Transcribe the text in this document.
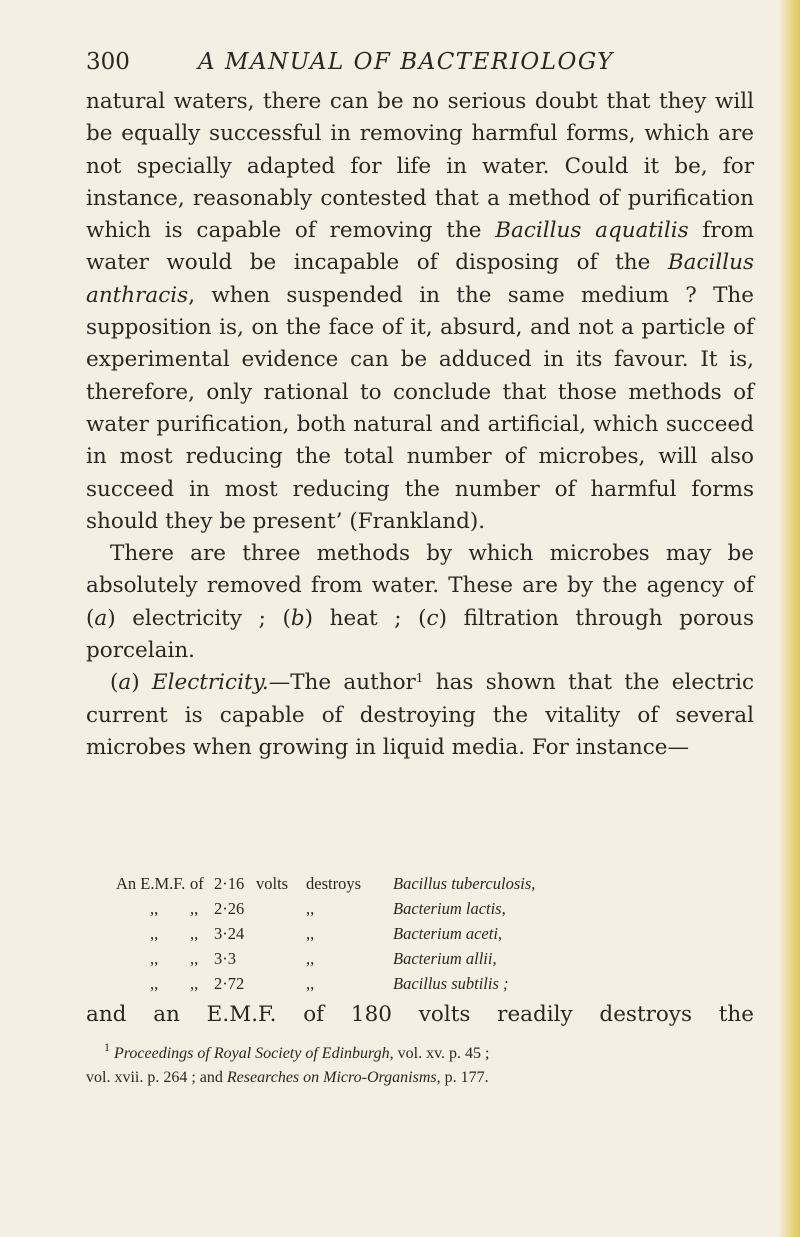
300	A MANUAL OF BACTERIOLOGY

natural waters, there can be no serious doubt that they will be equally successful in removing harmful forms, which are not specially adapted for life in water. Could it be, for instance, reasonably contested that a method of purification which is capable of removing the Bacillus aquatilis from water would be incapable of disposing of the Bacillus anthracis, when suspended in the same medium ? The supposition is, on the face of it, absurd, and not a particle of experimental evidence can be adduced in its favour. It is, therefore, only rational to conclude that those methods of water purification, both natural and artificial, which succeed in most reducing the total number of microbes, will also succeed in most reducing the number of harmful forms should they be present’ (Frankland).

There are three methods by which microbes may be absolutely removed from water. These are by the agency of (a) electricity ; (b) heat ; (c) filtration through porous porcelain.

(a) Electricity.—The author$^1$ has shown that the electric current is capable of destroying the vitality of several microbes when growing in liquid media. For instance—

An E.M.F. of 2·16 volts destroys Bacillus tuberculosis,
,, ,, 2·26	,,	Bacterium lactis,
,, ,, 3·24	,,	Bacterium aceti,
,, ,, 3·3	,,	Bacterium allii,
,, ,, 2·72	,,	Bacillus subtilis ;
and an E.M.F. of 180 volts readily destroys the

$^1$ Proceedings of Royal Society of Edinburgh, vol. xv. p. 45 ;

vol. xvii. p. 264 ; and Researches on Micro-Organisms, p. 177.
